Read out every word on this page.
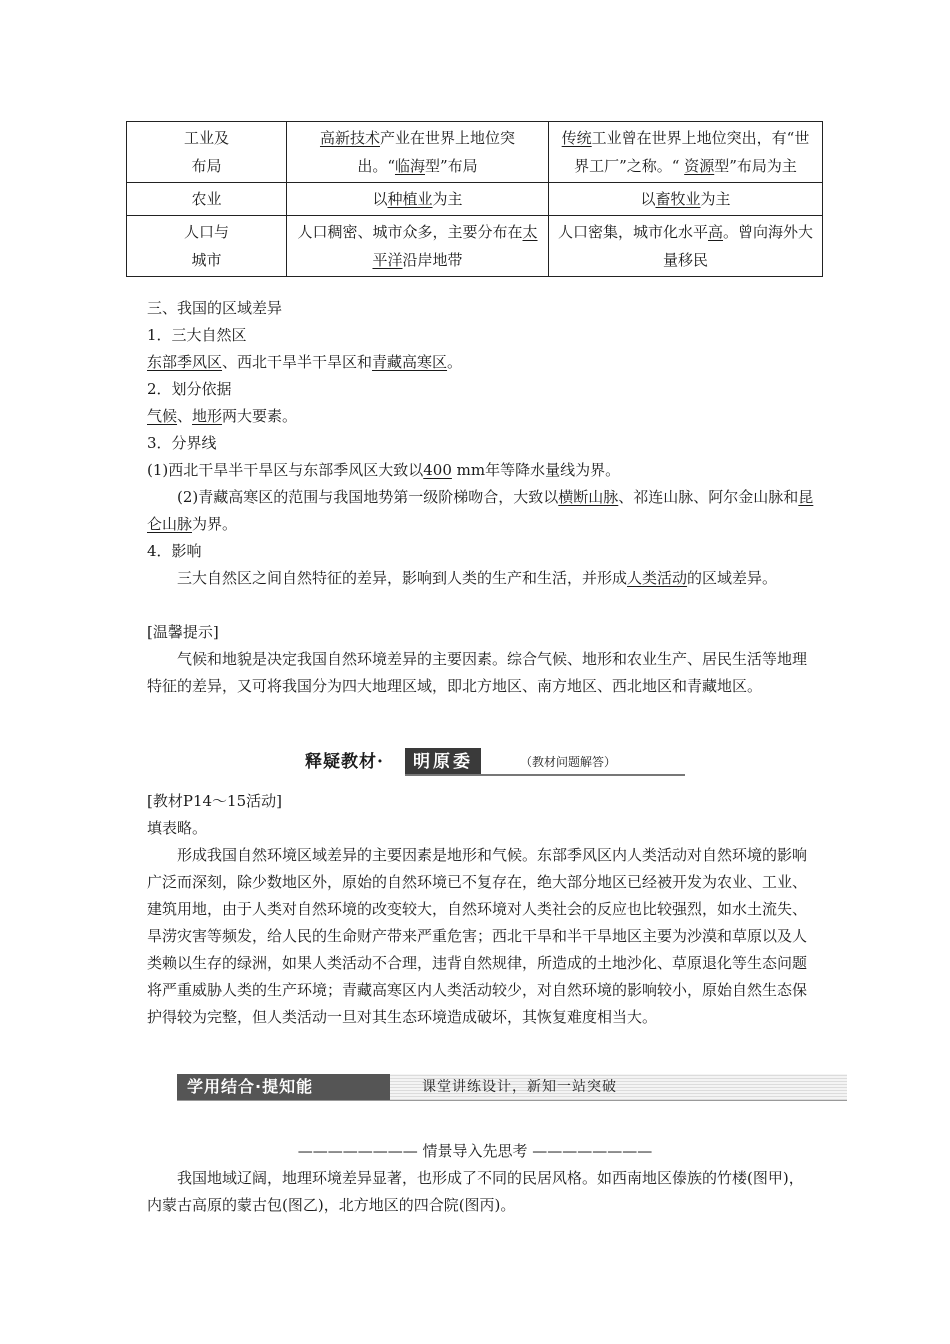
工业及
布局	高新技术产业在世界上地位突出。“临海型”布局	传统工业曾在世界上地位突出，有“世界工厂”之称。“ 资源型”布局为主
农业	以种植业为主	以畜牧业为主
人口与
城市	人口稠密、城市众多，主要分布在太平洋沿岸地带	人口密集，城市化水平高。曾向海外大量移民

三、我国的区域差异

1．三大自然区

东部季风区、西北干旱半干旱区和青藏高寒区。

2．划分依据

气候、地形两大要素。

3．分界线

(1)西北干旱半干旱区与东部季风区大致以400 mm年等降水量线为界。

(2)青藏高寒区的范围与我国地势第一级阶梯吻合，大致以横断山脉、祁连山脉、阿尔金山脉和昆仑山脉为界。

4．影响

三大自然区之间自然特征的差异，影响到人类的生产和生活，并形成人类活动的区域差异。

[温馨提示]

气候和地貌是决定我国自然环境差异的主要因素。综合气候、地形和农业生产、居民生活等地理特征的差异，又可将我国分为四大地理区域，即北方地区、南方地区、西北地区和青藏地区。

[教材P14～15活动]

填表略。

形成我国自然环境区域差异的主要因素是地形和气候。东部季风区内人类活动对自然环境的影响广泛而深刻，除少数地区外，原始的自然环境已不复存在，绝大部分地区已经被开发为农业、工业、建筑用地，由于人类对自然环境的改变较大，自然环境对人类社会的反应也比较强烈，如水土流失、旱涝灾害等频发，给人民的生命财产带来严重危害；西北干旱和半干旱地区主要为沙漠和草原以及人类赖以生存的绿洲，如果人类活动不合理，违背自然规律，所造成的土地沙化、草原退化等生态问题将严重威胁人类的生产环境；青藏高寒区内人类活动较少，对自然环境的影响较小，原始自然生态保护得较为完整，但人类活动一旦对其生态环境造成破坏，其恢复难度相当大。

我国地域辽阔，地理环境差异显著，也形成了不同的民居风格。如西南地区傣族的竹楼(图甲)，内蒙古高原的蒙古包(图乙)，北方地区的四合院(图丙)。

释疑教材·	明原委	（教材问题解答）
学用结合·提知能	课堂讲练设计，新知一站突破
———————— 情景导入先思考 ————————
